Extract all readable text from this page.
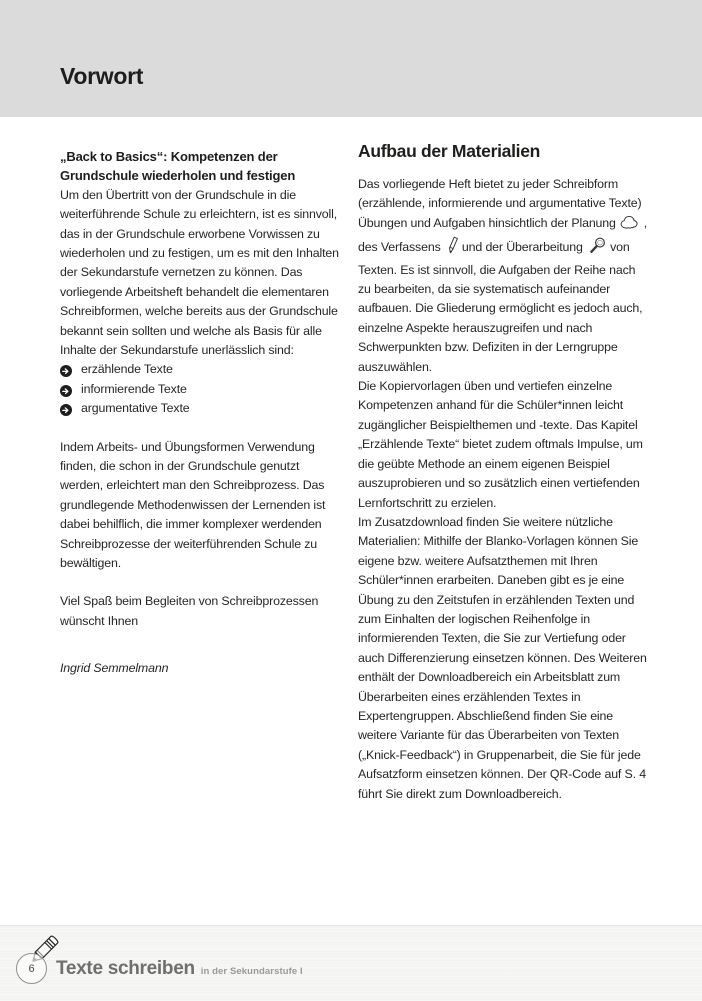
Vorwort

„Back to Basics“: Kompetenzen der Grundschule wiederholen und festigen

Um den Übertritt von der Grundschule in die weiterführende Schule zu erleichtern, ist es sinnvoll, das in der Grundschule erworbene Vorwissen zu wiederholen und zu festigen, um es mit den Inhalten der Sekundarstufe vernetzen zu können. Das vorliegende Arbeitsheft behandelt die elementaren Schreibformen, welche bereits aus der Grundschule bekannt sein sollten und welche als Basis für alle Inhalte der Sekundarstufe unerlässlich sind:

erzählende Texte
informierende Texte
argumentative Texte

Indem Arbeits- und Übungsformen Verwendung finden, die schon in der Grundschule genutzt werden, erleichtert man den Schreibprozess. Das grundlegende Methodenwissen der Lernenden ist dabei behilflich, die immer komplexer werdenden Schreibprozesse der weiterführenden Schule zu bewältigen.

Viel Spaß beim Begleiten von Schreibprozessen wünscht Ihnen

Ingrid Semmelmann

Aufbau der Materialien

Das vorliegende Heft bietet zu jeder Schreibform (erzählende, informierende und argumentative Texte) Übungen und Aufgaben hinsichtlich der Planung , des Verfassens und der Überarbeitung von Texten. Es ist sinnvoll, die Aufgaben der Reihe nach zu bearbeiten, da sie systematisch aufeinander aufbauen. Die Gliederung ermöglicht es jedoch auch, einzelne Aspekte herauszugreifen und nach Schwerpunkten bzw. Defiziten in der Lerngruppe auszuwählen.

Die Kopiervorlagen üben und vertiefen einzelne Kompetenzen anhand für die Schüler*innen leicht zugänglicher Beispielthemen und -texte. Das Kapitel „Erzählende Texte“ bietet zudem oftmals Impulse, um die geübte Methode an einem eigenen Beispiel auszuprobieren und so zusätzlich einen vertiefenden Lernfortschritt zu erzielen.

Im Zusatzdownload finden Sie weitere nützliche Materialien: Mithilfe der Blanko-Vorlagen können Sie eigene bzw. weitere Aufsatzthemen mit Ihren Schüler*innen erarbeiten. Daneben gibt es je eine Übung zu den Zeitstufen in erzählenden Texten und zum Einhalten der logischen Reihenfolge in informierenden Texten, die Sie zur Vertiefung oder auch Differenzierung einsetzen können. Des Weiteren enthält der Downloadbereich ein Arbeitsblatt zum Überarbeiten eines erzählenden Textes in Expertengruppen. Abschließend finden Sie eine weitere Variante für das Überarbeiten von Texten („Knick-Feedback“) in Gruppenarbeit, die Sie für jede Aufsatzform einsetzen können. Der QR-Code auf S. 4 führt Sie direkt zum Downloadbereich.

6 Texte schreiben in der Sekundarstufe I
